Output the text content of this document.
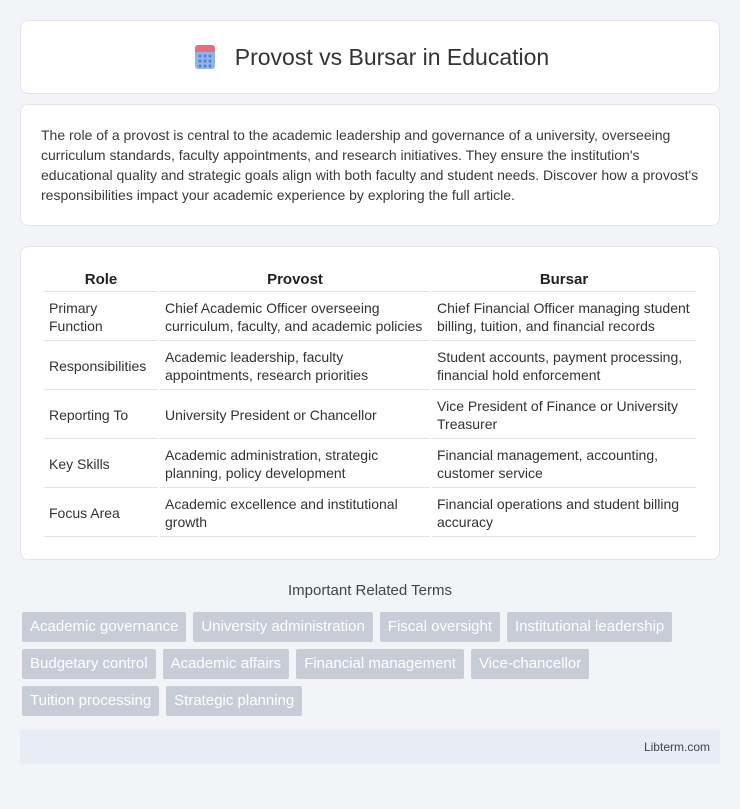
Provost vs Bursar in Education

The role of a provost is central to the academic leadership and governance of a university, overseeing curriculum standards, faculty appointments, and research initiatives. They ensure the institution's educational quality and strategic goals align with both faculty and student needs. Discover how a provost's responsibilities impact your academic experience by exploring the full article.

Role	Provost	Bursar
Primary Function	Chief Academic Officer overseeing curriculum, faculty, and academic policies	Chief Financial Officer managing student billing, tuition, and financial records
Responsibilities	Academic leadership, faculty appointments, research priorities	Student accounts, payment processing, financial hold enforcement
Reporting To	University President or Chancellor	Vice President of Finance or University Treasurer
Key Skills	Academic administration, strategic planning, policy development	Financial management, accounting, customer service
Focus Area	Academic excellence and institutional growth	Financial operations and student billing accuracy
Important Related Terms
Academic governance	University administration	Fiscal oversight	Institutional leadership
Budgetary control	Academic affairs	Financial management	Vice-chancellor
Tuition processing	Strategic planning
Libterm.com
